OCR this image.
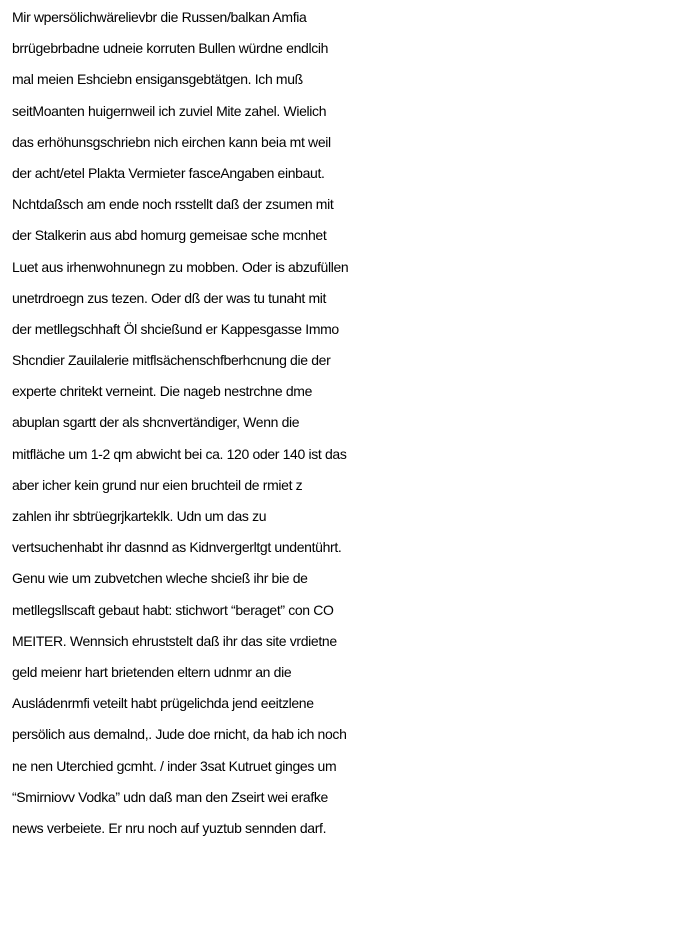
Mir wpersölichwärelievbr die Russen/balkan Amfia
brrügebrbadne udneie korruten Bullen würdne endlcih
mal meien Eshciebn ensigansgebtätgen. Ich muß
seitMoanten huigernweil ich zuviel Mite zahel. Wielich
das erhöhunsgschriebn nich eirchen kann beia mt weil
der acht/etel Plakta Vermieter fasceAngaben einbaut.
Nchtdaßsch am ende noch rsstellt daß der zsumen mit
der Stalkerin aus abd homurg gemeisae sche mcnhet
Luet aus irhenwohnunegn zu mobben. Oder is abzufüllen
unetrdroegn zus tezen. Oder dß der was tu tunaht mit
der metllegschhaft Öl shcießund er Kappesgasse Immo
Shcndier Zauilalerie mitflsächenschfberhcnung die der
experte chritekt verneint. Die nageb nestrchne dme
abuplan sgartt der als shcnvertändiger, Wenn die
mitfläche um 1-2 qm abwicht bei ca. 120 oder 140 ist das
aber icher kein grund nur eien bruchteil de rmiet z
zahlen ihr sbtrüegrjkarteklk. Udn um das zu
vertsuchenhabt ihr dasnnd as Kidnvergerltgt undentührt.
Genu wie um zubvetchen wleche shcieß ihr bie de
metllegsllscaft gebaut habt: stichwort “beraget” con CO
MEITER. Wennsich ehruststelt daß ihr das site vrdietne
geld meienr hart brietenden eltern udnmr an die
Ausládenrmfi veteilt habt prügelichda jend eeitzlene
persölich aus demalnd,. Jude doe rnicht, da hab ich noch
ne nen Uterchied gcmht. / inder 3sat Kutruet ginges um
“Smirniovv Vodka” udn daß man den Zseirt wei erafke
news verbeiete. Er nru noch auf yuztub sennden darf.
